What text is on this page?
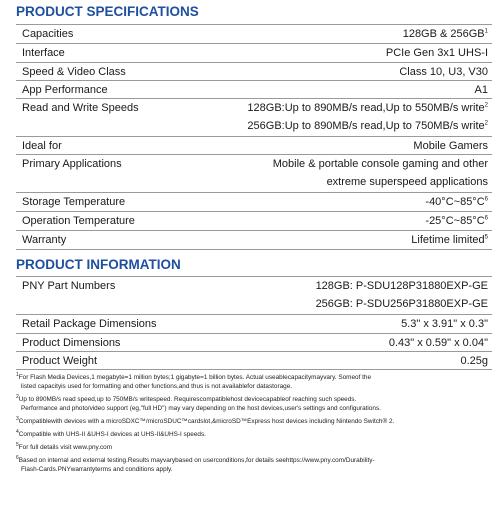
PRODUCT SPECIFICATIONS
Capacities	128GB & $256GB^1$
Interface	PCIe Gen 3x1 UHS-I
Speed & Video Class	Class 10, U3, V30
App Performance	A1
Read and Write Speeds	128GB:Up to 890MB/s read,Up to 550MB/s write$^2$
256GB:Up to 890MB/s read,Up to 750MB/s write$^2$
Ideal for	Mobile Gamers
Primary Applications	Mobile & portable console gaming and other
extreme superspeed applications
Storage Temperature	$-40^\circ C\sim 85^\circ C^6$
Operation Temperature	$-25^\circ C\sim 85^\circ C^6$
Warranty	Lifetime limited$^5$
PRODUCT INFORMATION
PNY Part Numbers	128GB: P-SDU128P31880EXP-GE
256GB: P-SDU256P31880EXP-GE
Retail Package Dimensions	5.3" x 3.91" x 0.3"
Product Dimensions	0.43" x 0.59" x 0.04"
Product Weight	0.25g
$^1$For Flash Media Devices,1 megabyte=1 million bytes;1 gigabyte=1 billion bytes. Actual useablecapacitymayvary. Someof the
listed capacityis used for formatting and other functions,and thus is not availablefor datastorage.
$^2$Up to 890MB/s read speed,up to 750MB/s writespeed. Requirescompatiblehost devicecapableof reaching such speeds.
Performance and photo/video support (eg,"full HD") may vary depending on the host devices,user's settings and configurations.
$^3$Compatiblewith devices with a microSDXC™/microSDUC™cardslot,&microSD™Express host devices including Nintendo Switch® 2.
$^4$Compatible with UHS-II &UHS-I devices at UHS-II&UHS-I speeds.
$^5$For full details visit www.pny.com
$^6$Based on internal and external testing.Results mayvarybased on userconditions,for details seehttps://www.pny.com/Durability-
Flash-Cards.PNYwarrantyterms and conditions apply.
